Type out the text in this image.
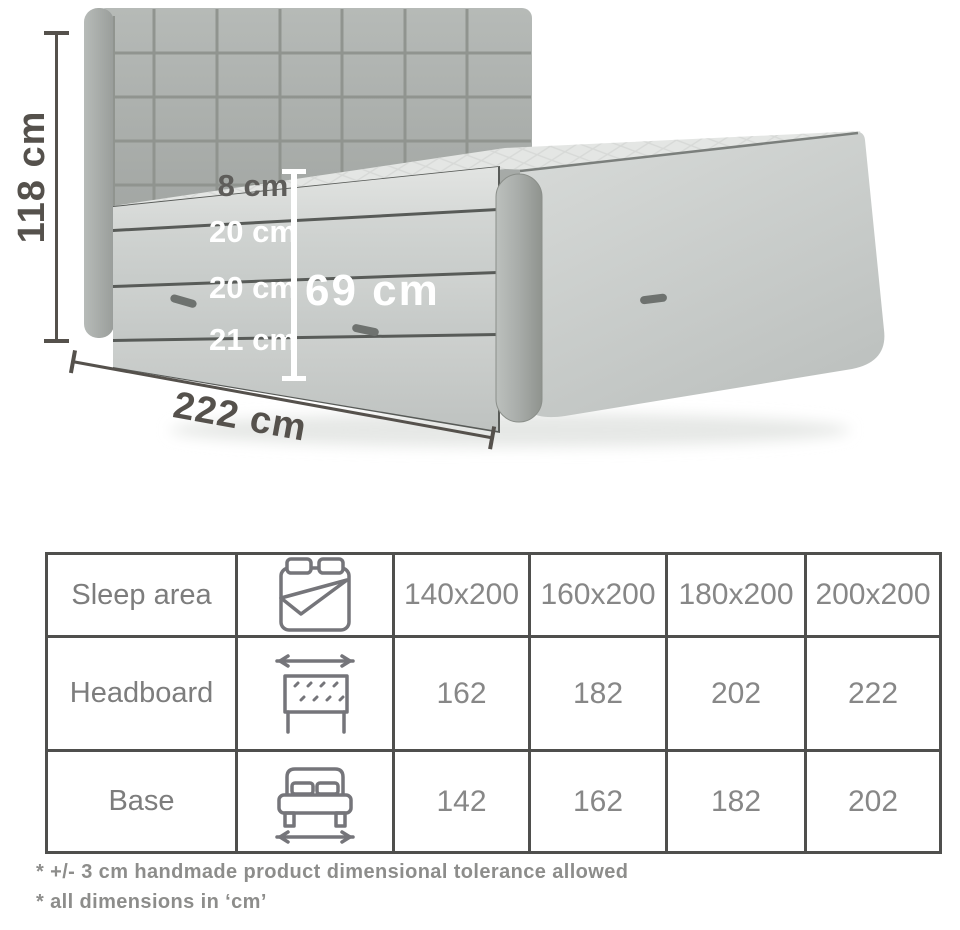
118 cm
222 cm
69 cm
8 cm
20 cm
20 cm
21 cm
Sleep area		140x200	160x200	180x200	200x200
Headboard		162	182	202	222
Base		142	162	182	202
* +/- 3 cm handmade product dimensional tolerance allowed
* all dimensions in ‘cm’
